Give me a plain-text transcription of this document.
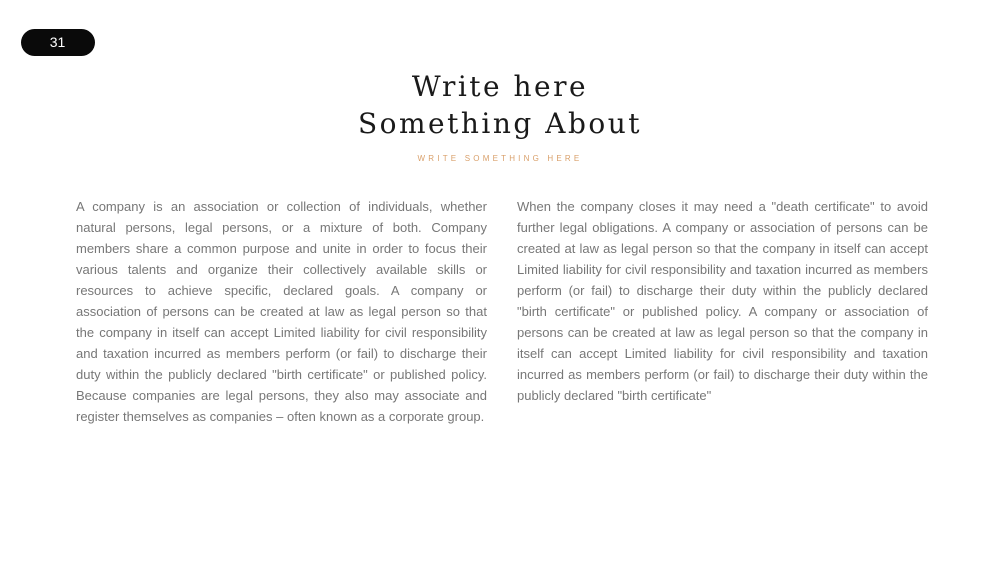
31

Write here

Something About

WRITE SOMETHING HERE

A company is an association or collection of individuals, whether natural persons, legal persons, or a mixture of both. Company members share a common purpose and unite in order to focus their various talents and organize their collectively available skills or resources to achieve specific, declared goals. A company or association of persons can be created at law as legal person so that the company in itself can accept Limited liability for civil responsibility and taxation incurred as members perform (or fail) to discharge their duty within the publicly declared "birth certificate" or published policy. Because companies are legal persons, they also may associate and register themselves as companies – often known as a corporate group.

When the company closes it may need a "death certificate" to avoid further legal obligations. A company or association of persons can be created at law as legal person so that the company in itself can accept Limited liability for civil responsibility and taxation incurred as members perform (or fail) to discharge their duty within the publicly declared "birth certificate" or published policy. A company or association of persons can be created at law as legal person so that the company in itself can accept Limited liability for civil responsibility and taxation incurred as members perform (or fail) to discharge their duty within the publicly declared "birth certificate"
